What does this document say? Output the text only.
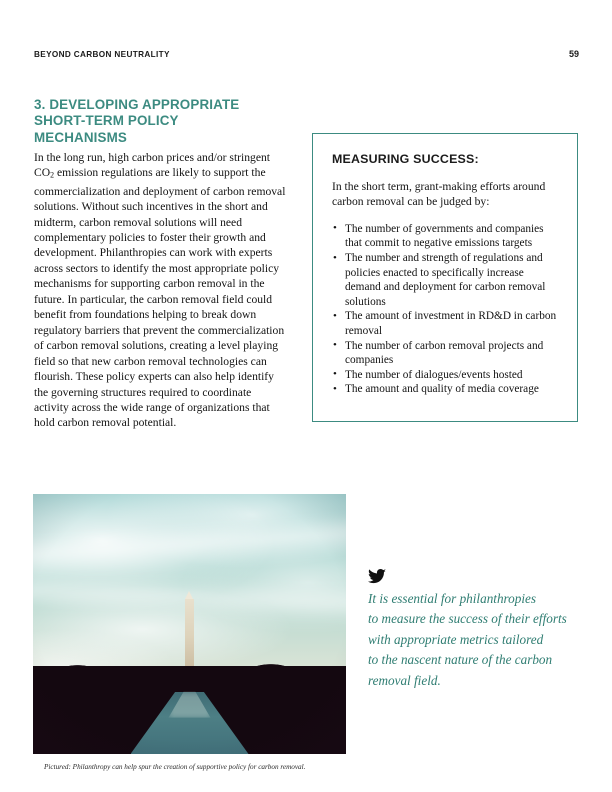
BEYOND CARBON NEUTRALITY	59
3. DEVELOPING APPROPRIATE
SHORT-TERM POLICY
MECHANISMS

In the long run, high carbon prices and/or stringent $CO_2$ emission regulations are likely to support the commercialization and deployment of carbon removal solutions. Without such incentives in the short and midterm, carbon removal solutions will need complementary policies to foster their growth and development. Philanthropies can work with experts across sectors to identify the most appropriate policy mechanisms for supporting carbon removal in the future. In particular, the carbon removal field could benefit from foundations helping to break down regulatory barriers that prevent the commercialization of carbon removal solutions, creating a level playing field so that new carbon removal technologies can flourish. These policy experts can also help identify the governing structures required to coordinate activity across the wide range of organizations that hold carbon removal potential.

MEASURING SUCCESS:

In the short term, grant-making efforts around carbon removal can be judged by:

• The number of governments and companies that commit to negative emissions targets
• The number and strength of regulations and policies enacted to specifically increase demand and deployment for carbon removal solutions
• The amount of investment in RD&D in carbon removal
• The number of carbon removal projects and companies
• The number of dialogues/events hosted
• The amount and quality of media coverage
Pictured: Philanthropy can help spur the creation of supportive policy for carbon removal.
It is essential for philanthropies
to measure the success of their efforts
with appropriate metrics tailored
to the nascent nature of the carbon
removal field.
